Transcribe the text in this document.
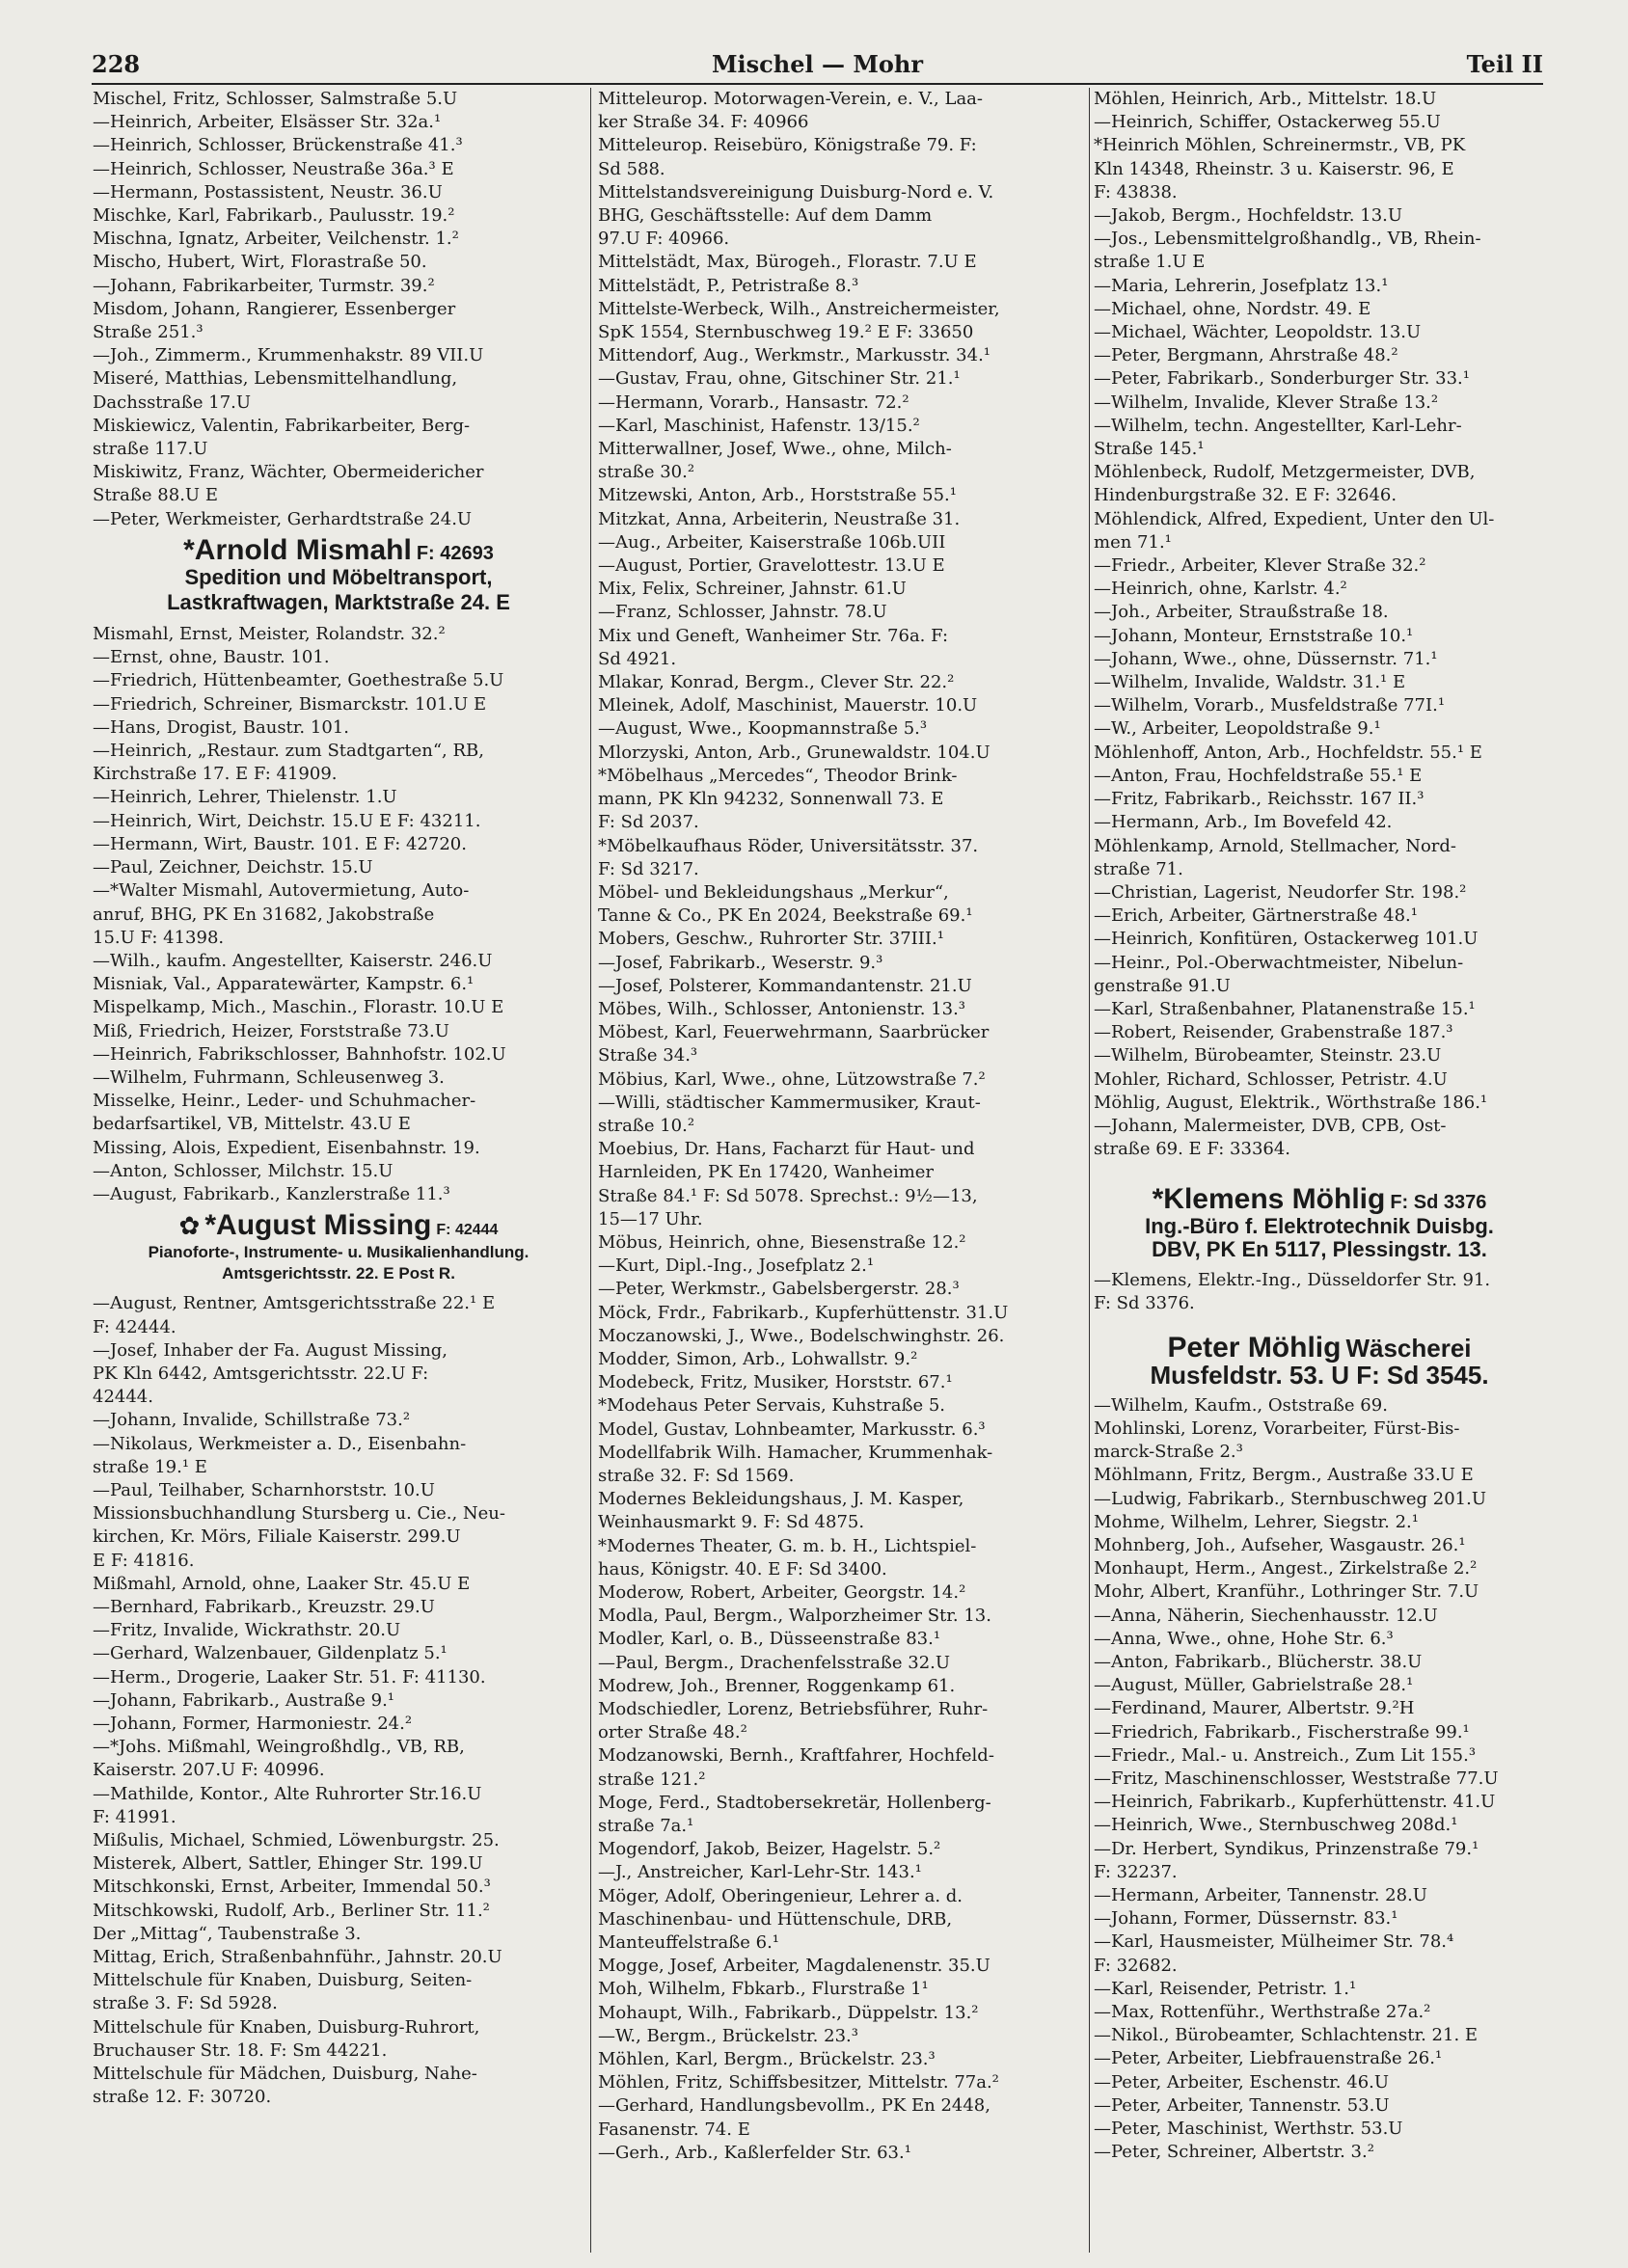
228	Mischel — Mohr	Teil II
Mischel, Fritz, Schlosser, Salmstraße 5.U
—Heinrich, Arbeiter, Elsässer Str. 32a.¹
—Heinrich, Schlosser, Brückenstraße 41.³
—Heinrich, Schlosser, Neustraße 36a.³ E
—Hermann, Postassistent, Neustr. 36.U
Mischke, Karl, Fabrikarb., Paulusstr. 19.²
Mischna, Ignatz, Arbeiter, Veilchenstr. 1.²
Mischo, Hubert, Wirt, Florastraße 50.
—Johann, Fabrikarbeiter, Turmstr. 39.²
Misdom, Johann, Rangierer, Essenberger
Straße 251.³
—Joh., Zimmerm., Krummenhakstr. 89 VII.U
Miseré, Matthias, Lebensmittelhandlung,
Dachsstraße 17.U
Miskiewicz, Valentin, Fabrikarbeiter, Berg-
straße 117.U
Miskiwitz, Franz, Wächter, Obermeidericher
Straße 88.U E
—Peter, Werkmeister, Gerhardtstraße 24.U
*Arnold Mismahl F: 42693
Spedition und Möbeltransport,
Lastkraftwagen, Marktstraße 24. E
Mismahl, Ernst, Meister, Rolandstr. 32.²
—Ernst, ohne, Baustr. 101.
—Friedrich, Hüttenbeamter, Goethestraße 5.U
—Friedrich, Schreiner, Bismarckstr. 101.U E
—Hans, Drogist, Baustr. 101.
—Heinrich, „Restaur. zum Stadtgarten“, RB,
Kirchstraße 17. E F: 41909.
—Heinrich, Lehrer, Thielenstr. 1.U
—Heinrich, Wirt, Deichstr. 15.U E F: 43211.
—Hermann, Wirt, Baustr. 101. E F: 42720.
—Paul, Zeichner, Deichstr. 15.U
—*Walter Mismahl, Autovermietung, Auto-
anruf, BHG, PK En 31682, Jakobstraße
15.U F: 41398.
—Wilh., kaufm. Angestellter, Kaiserstr. 246.U
Misniak, Val., Apparatewärter, Kampstr. 6.¹
Mispelkamp, Mich., Maschin., Florastr. 10.U E
Miß, Friedrich, Heizer, Forststraße 73.U
—Heinrich, Fabrikschlosser, Bahnhofstr. 102.U
—Wilhelm, Fuhrmann, Schleusenweg 3.
Misselke, Heinr., Leder- und Schuhmacher-
bedarfsartikel, VB, Mittelstr. 43.U E
Missing, Alois, Expedient, Eisenbahnstr. 19.
—Anton, Schlosser, Milchstr. 15.U
—August, Fabrikarb., Kanzlerstraße 11.³
✿ *August Missing F: 42444
Pianoforte-, Instrumente- u. Musikalienhandlung.
Amtsgerichtsstr. 22. E Post R.
—August, Rentner, Amtsgerichtsstraße 22.¹ E
F: 42444.
—Josef, Inhaber der Fa. August Missing,
PK Kln 6442, Amtsgerichtsstr. 22.U F:
42444.
—Johann, Invalide, Schillstraße 73.²
—Nikolaus, Werkmeister a. D., Eisenbahn-
straße 19.¹ E
—Paul, Teilhaber, Scharnhorststr. 10.U
Missionsbuchhandlung Stursberg u. Cie., Neu-
kirchen, Kr. Mörs, Filiale Kaiserstr. 299.U
E F: 41816.
Mißmahl, Arnold, ohne, Laaker Str. 45.U E
—Bernhard, Fabrikarb., Kreuzstr. 29.U
—Fritz, Invalide, Wickrathstr. 20.U
—Gerhard, Walzenbauer, Gildenplatz 5.¹
—Herm., Drogerie, Laaker Str. 51. F: 41130.
—Johann, Fabrikarb., Austraße 9.¹
—Johann, Former, Harmoniestr. 24.²
—*Johs. Mißmahl, Weingroßhdlg., VB, RB,
Kaiserstr. 207.U F: 40996.
—Mathilde, Kontor., Alte Ruhrorter Str.16.U
F: 41991.
Mißulis, Michael, Schmied, Löwenburgstr. 25.
Misterek, Albert, Sattler, Ehinger Str. 199.U
Mitschkonski, Ernst, Arbeiter, Immendal 50.³
Mitschkowski, Rudolf, Arb., Berliner Str. 11.²
Der „Mittag“, Taubenstraße 3.
Mittag, Erich, Straßenbahnführ., Jahnstr. 20.U
Mittelschule für Knaben, Duisburg, Seiten-
straße 3. F: Sd 5928.
Mittelschule für Knaben, Duisburg-Ruhrort,
Bruchauser Str. 18. F: Sm 44221.
Mittelschule für Mädchen, Duisburg, Nahe-
straße 12. F: 30720.
Mitteleurop. Motorwagen-Verein, e. V., Laa-
ker Straße 34. F: 40966
Mitteleurop. Reisebüro, Königstraße 79. F:
Sd 588.
Mittelstandsvereinigung Duisburg-Nord e. V.
BHG, Geschäftsstelle: Auf dem Damm
97.U F: 40966.
Mittelstädt, Max, Bürogeh., Florastr. 7.U E
Mittelstädt, P., Petristraße 8.³
Mittelste-Werbeck, Wilh., Anstreichermeister,
SpK 1554, Sternbuschweg 19.² E F: 33650
Mittendorf, Aug., Werkmstr., Markusstr. 34.¹
—Gustav, Frau, ohne, Gitschiner Str. 21.¹
—Hermann, Vorarb., Hansastr. 72.²
—Karl, Maschinist, Hafenstr. 13/15.²
Mitterwallner, Josef, Wwe., ohne, Milch-
straße 30.²
Mitzewski, Anton, Arb., Horststraße 55.¹
Mitzkat, Anna, Arbeiterin, Neustraße 31.
—Aug., Arbeiter, Kaiserstraße 106b.UII
—August, Portier, Gravelottestr. 13.U E
Mix, Felix, Schreiner, Jahnstr. 61.U
—Franz, Schlosser, Jahnstr. 78.U
Mix und Geneft, Wanheimer Str. 76a. F:
Sd 4921.
Mlakar, Konrad, Bergm., Clever Str. 22.²
Mleinek, Adolf, Maschinist, Mauerstr. 10.U
—August, Wwe., Koopmannstraße 5.³
Mlorzyski, Anton, Arb., Grunewaldstr. 104.U
*Möbelhaus „Mercedes“, Theodor Brink-
mann, PK Kln 94232, Sonnenwall 73. E
F: Sd 2037.
*Möbelkaufhaus Röder, Universitätsstr. 37.
F: Sd 3217.
Möbel- und Bekleidungshaus „Merkur“,
Tanne & Co., PK En 2024, Beekstraße 69.¹
Mobers, Geschw., Ruhrorter Str. 37III.¹
—Josef, Fabrikarb., Weserstr. 9.³
—Josef, Polsterer, Kommandantenstr. 21.U
Möbes, Wilh., Schlosser, Antonienstr. 13.³
Möbest, Karl, Feuerwehrmann, Saarbrücker
Straße 34.³
Möbius, Karl, Wwe., ohne, Lützowstraße 7.²
—Willi, städtischer Kammermusiker, Kraut-
straße 10.²
Moebius, Dr. Hans, Facharzt für Haut- und
Harnleiden, PK En 17420, Wanheimer
Straße 84.¹ F: Sd 5078. Sprechst.: 9½—13,
15—17 Uhr.
Möbus, Heinrich, ohne, Biesenstraße 12.²
—Kurt, Dipl.-Ing., Josefplatz 2.¹
—Peter, Werkmstr., Gabelsbergerstr. 28.³
Möck, Frdr., Fabrikarb., Kupferhüttenstr. 31.U
Moczanowski, J., Wwe., Bodelschwinghstr. 26.
Modder, Simon, Arb., Lohwallstr. 9.²
Modebeck, Fritz, Musiker, Horststr. 67.¹
*Modehaus Peter Servais, Kuhstraße 5.
Model, Gustav, Lohnbeamter, Markusstr. 6.³
Modellfabrik Wilh. Hamacher, Krummenhak-
straße 32. F: Sd 1569.
Modernes Bekleidungshaus, J. M. Kasper,
Weinhausmarkt 9. F: Sd 4875.
*Modernes Theater, G. m. b. H., Lichtspiel-
haus, Königstr. 40. E F: Sd 3400.
Moderow, Robert, Arbeiter, Georgstr. 14.²
Modla, Paul, Bergm., Walporzheimer Str. 13.
Modler, Karl, o. B., Düsseenstraße 83.¹
—Paul, Bergm., Drachenfelsstraße 32.U
Modrew, Joh., Brenner, Roggenkamp 61.
Modschiedler, Lorenz, Betriebsführer, Ruhr-
orter Straße 48.²
Modzanowski, Bernh., Kraftfahrer, Hochfeld-
straße 121.²
Moge, Ferd., Stadtobersekretär, Hollenberg-
straße 7a.¹
Mogendorf, Jakob, Beizer, Hagelstr. 5.²
—J., Anstreicher, Karl-Lehr-Str. 143.¹
Möger, Adolf, Oberingenieur, Lehrer a. d.
Maschinenbau- und Hüttenschule, DRB,
Manteuffelstraße 6.¹
Mogge, Josef, Arbeiter, Magdalenenstr. 35.U
Moh, Wilhelm, Fbkarb., Flurstraße 1¹
Mohaupt, Wilh., Fabrikarb., Düppelstr. 13.²
—W., Bergm., Brückelstr. 23.³
Möhlen, Karl, Bergm., Brückelstr. 23.³
Möhlen, Fritz, Schiffsbesitzer, Mittelstr. 77a.²
—Gerhard, Handlungsbevollm., PK En 2448,
Fasanenstr. 74. E
—Gerh., Arb., Kaßlerfelder Str. 63.¹
Möhlen, Heinrich, Arb., Mittelstr. 18.U
—Heinrich, Schiffer, Ostackerweg 55.U
*Heinrich Möhlen, Schreinermstr., VB, PK
Kln 14348, Rheinstr. 3 u. Kaiserstr. 96, E
F: 43838.
—Jakob, Bergm., Hochfeldstr. 13.U
—Jos., Lebensmittelgroßhandlg., VB, Rhein-
straße 1.U E
—Maria, Lehrerin, Josefplatz 13.¹
—Michael, ohne, Nordstr. 49. E
—Michael, Wächter, Leopoldstr. 13.U
—Peter, Bergmann, Ahrstraße 48.²
—Peter, Fabrikarb., Sonderburger Str. 33.¹
—Wilhelm, Invalide, Klever Straße 13.²
—Wilhelm, techn. Angestellter, Karl-Lehr-
Straße 145.¹
Möhlenbeck, Rudolf, Metzgermeister, DVB,
Hindenburgstraße 32. E F: 32646.
Möhlendick, Alfred, Expedient, Unter den Ul-
men 71.¹
—Friedr., Arbeiter, Klever Straße 32.²
—Heinrich, ohne, Karlstr. 4.²
—Joh., Arbeiter, Straußstraße 18.
—Johann, Monteur, Ernststraße 10.¹
—Johann, Wwe., ohne, Düssernstr. 71.¹
—Wilhelm, Invalide, Waldstr. 31.¹ E
—Wilhelm, Vorarb., Musfeldstraße 77I.¹
—W., Arbeiter, Leopoldstraße 9.¹
Möhlenhoff, Anton, Arb., Hochfeldstr. 55.¹ E
—Anton, Frau, Hochfeldstraße 55.¹ E
—Fritz, Fabrikarb., Reichsstr. 167 II.³
—Hermann, Arb., Im Bovefeld 42.
Möhlenkamp, Arnold, Stellmacher, Nord-
straße 71.
—Christian, Lagerist, Neudorfer Str. 198.²
—Erich, Arbeiter, Gärtnerstraße 48.¹
—Heinrich, Konfitüren, Ostackerweg 101.U
—Heinr., Pol.-Oberwachtmeister, Nibelun-
genstraße 91.U
—Karl, Straßenbahner, Platanenstraße 15.¹
—Robert, Reisender, Grabenstraße 187.³
—Wilhelm, Bürobeamter, Steinstr. 23.U
Mohler, Richard, Schlosser, Petristr. 4.U
Möhlig, August, Elektrik., Wörthstraße 186.¹
—Johann, Malermeister, DVB, CPB, Ost-
straße 69. E F: 33364.
*Klemens Möhlig F: Sd 3376
Ing.-Büro f. Elektrotechnik Duisbg.
DBV, PK En 5117, Plessingstr. 13.
—Klemens, Elektr.-Ing., Düsseldorfer Str. 91.
F: Sd 3376.
Peter Möhlig Wäscherei
Musfeldstr. 53. U F: Sd 3545.
—Wilhelm, Kaufm., Oststraße 69.
Mohlinski, Lorenz, Vorarbeiter, Fürst-Bis-
marck-Straße 2.³
Möhlmann, Fritz, Bergm., Austraße 33.U E
—Ludwig, Fabrikarb., Sternbuschweg 201.U
Mohme, Wilhelm, Lehrer, Siegstr. 2.¹
Mohnberg, Joh., Aufseher, Wasgaustr. 26.¹
Monhaupt, Herm., Angest., Zirkelstraße 2.²
Mohr, Albert, Kranführ., Lothringer Str. 7.U
—Anna, Näherin, Siechenhausstr. 12.U
—Anna, Wwe., ohne, Hohe Str. 6.³
—Anton, Fabrikarb., Blücherstr. 38.U
—August, Müller, Gabrielstraße 28.¹
—Ferdinand, Maurer, Albertstr. 9.²H
—Friedrich, Fabrikarb., Fischerstraße 99.¹
—Friedr., Mal.- u. Anstreich., Zum Lit 155.³
—Fritz, Maschinenschlosser, Weststraße 77.U
—Heinrich, Fabrikarb., Kupferhüttenstr. 41.U
—Heinrich, Wwe., Sternbuschweg 208d.¹
—Dr. Herbert, Syndikus, Prinzenstraße 79.¹
F: 32237.
—Hermann, Arbeiter, Tannenstr. 28.U
—Johann, Former, Düssernstr. 83.¹
—Karl, Hausmeister, Mülheimer Str. 78.⁴
F: 32682.
—Karl, Reisender, Petristr. 1.¹
—Max, Rottenführ., Werthstraße 27a.²
—Nikol., Bürobeamter, Schlachtenstr. 21. E
—Peter, Arbeiter, Liebfrauenstraße 26.¹
—Peter, Arbeiter, Eschenstr. 46.U
—Peter, Arbeiter, Tannenstr. 53.U
—Peter, Maschinist, Werthstr. 53.U
—Peter, Schreiner, Albertstr. 3.²
